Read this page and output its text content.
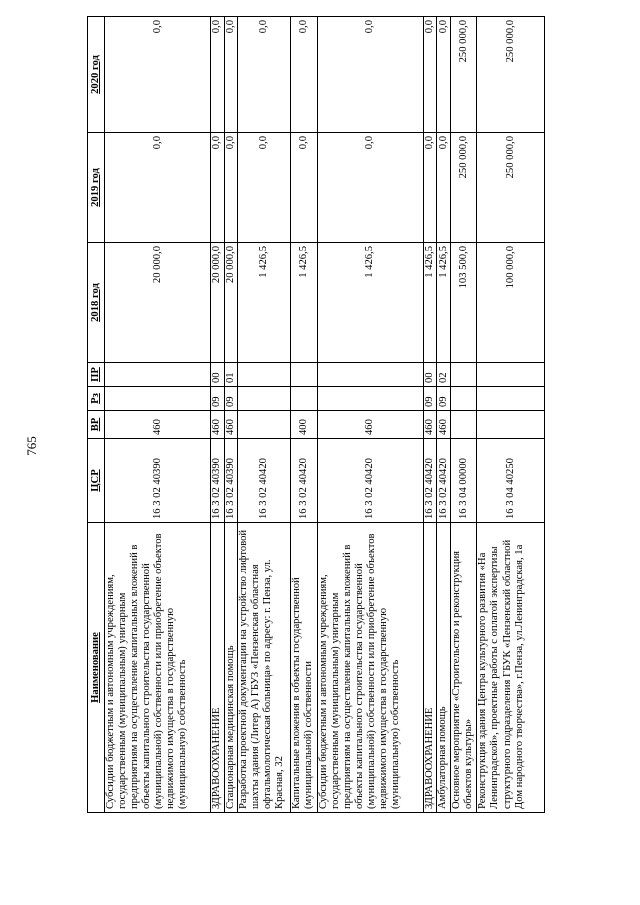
765
Наименование	ЦСР	ВР	Рз	ПР	2018 год	2019 год	2020 год
Субсидии бюджетным и автономным учреждениям, государственным (муниципальным) унитарным предприятиям на осуществление капитальных вложений в объекты капитального строительства государственной (муниципальной) собственности или приобретение объектов недвижимого имущества в государственную (муниципальную) собственность	16 3 02 40390	460			20 000,0	0,0	0,0
ЗДРАВООХРАНЕНИЕ	16 3 02 40390	460	09	00	20 000,0	0,0	0,0
Стационарная медицинская помощь	16 3 02 40390	460	09	01	20 000,0	0,0	0,0
Разработка проектной документации на устройство лифтовой шахты здания (Литер А) ГБУЗ «Пензенская областная офтальмологическая больница» по адресу: г. Пенза, ул. Красная, 32	16 3 02 40420				1 426,5	0,0	0,0
Капитальные вложения в объекты государственной (муниципальной) собственности	16 3 02 40420	400			1 426,5	0,0	0,0
Субсидии бюджетным и автономным учреждениям, государственным (муниципальным) унитарным предприятиям на осуществление капитальных вложений в объекты капитального строительства государственной (муниципальной) собственности или приобретение объектов недвижимого имущества в государственную (муниципальную) собственность	16 3 02 40420	460			1 426,5	0,0	0,0
ЗДРАВООХРАНЕНИЕ	16 3 02 40420	460	09	00	1 426,5	0,0	0,0
Амбулаторная помощь	16 3 02 40420	460	09	02	1 426,5	0,0	0,0
Основное мероприятие «Строительство и реконструкция объектов культуры»	16 3 04 00000				103 500,0	250 000,0	250 000,0
Реконструкция здания Центра культурного развития «На Ленинградской», проектные работы с оплатой экспертизы структурного подразделения ГБУК «Пензенский областной Дом народного творчества», г.Пенза, ул.Ленинградская, 1а	16 3 04 40250				100 000,0	250 000,0	250 000,0
